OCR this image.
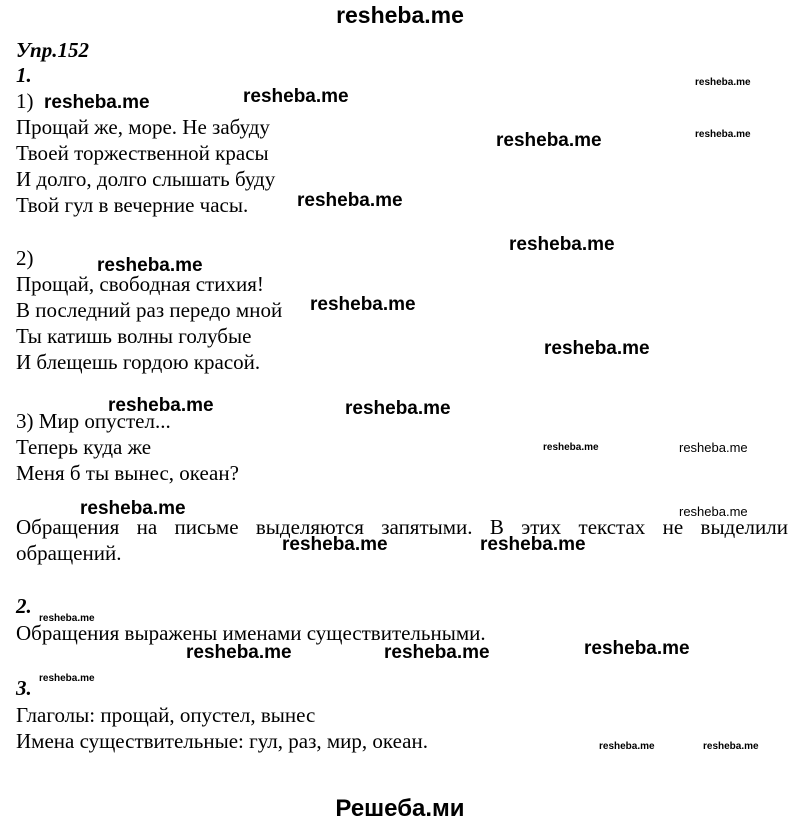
resheba.me
Упр.152
1.
1)
Прощай же, море. Не забуду
Твоей торжественной красы
И долго, долго слышать буду
Твой гул в вечерние часы.
2)
Прощай, свободная стихия!
В последний раз передо мной
Ты катишь волны голубые
И блещешь гордою красой.
3) Мир опустел...
Теперь куда же
Меня б ты вынес, океан?
Обращения на письме выделяются запятыми. В этих текстах не выделили обращений.
2.
Обращения выражены именами существительными.
3.
Глаголы: прощай, опустел, вынес
Имена существительные: гул, раз, мир, океан.
resheba.me	resheba.me
resheba.me
resheba.me
resheba.me
resheba.me
resheba.me
resheba.me
resheba.me	resheba.me
resheba.me
resheba.me	resheba.me
resheba.me	resheba.me	resheba.me
resheba.me
resheba.me
resheba.me
resheba.me
resheba.me
resheba.me	resheba.me
resheba.me
resheba.me
Решеба.ми
